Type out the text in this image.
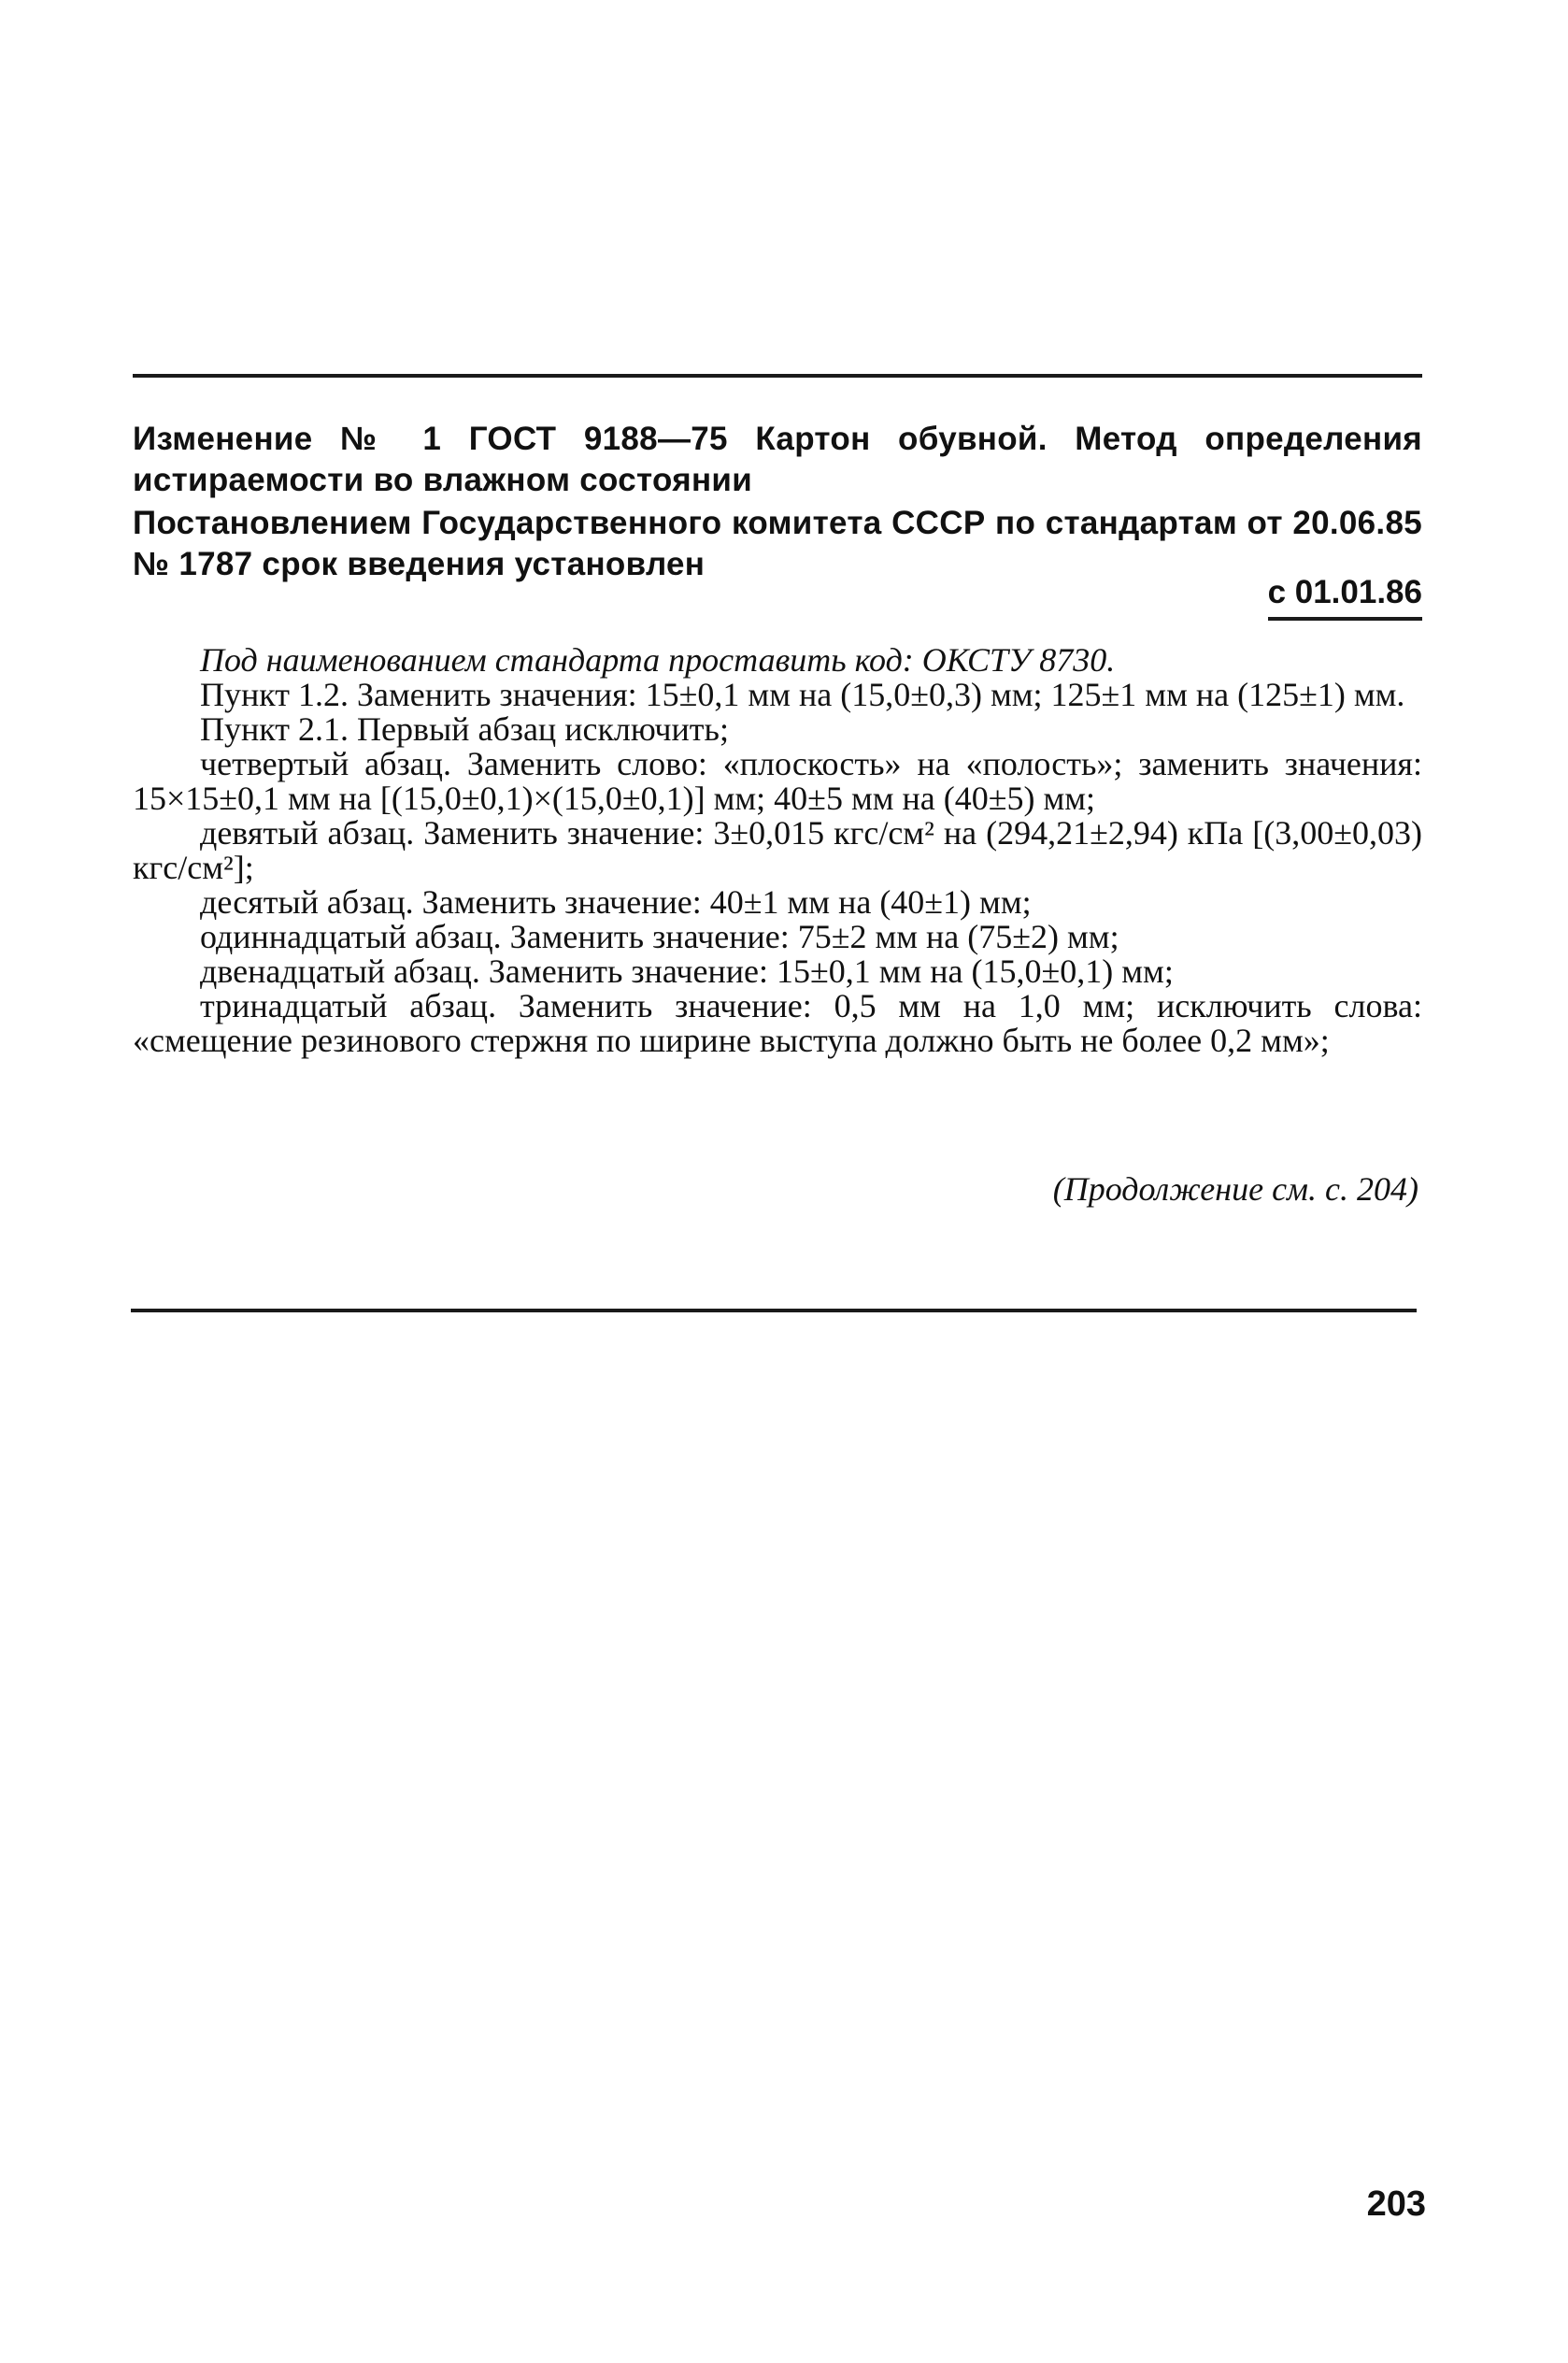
Изменение № 1 ГОСТ 9188—75 Картон обувной. Метод определения истираемости во влажном состоянии
Постановлением Государственного комитета СССР по стандартам от 20.06.85 № 1787 срок введения установлен
с 01.01.86

Под наименованием стандарта проставить код: ОКСТУ 8730.

Пункт 1.2. Заменить значения: 15±0,1 мм на (15,0±0,3) мм; 125±1 мм на (125±1) мм.

Пункт 2.1. Первый абзац исключить;

четвертый абзац. Заменить слово: «плоскость» на «полость»; заменить значения: 15×15±0,1 мм на [(15,0±0,1)×(15,0±0,1)] мм; 40±5 мм на (40±5) мм;

девятый абзац. Заменить значение: 3±0,015 кгс/см² на (294,21±2,94) кПа [(3,00±0,03) кгс/см²];

десятый абзац. Заменить значение: 40±1 мм на (40±1) мм;

одиннадцатый абзац. Заменить значение: 75±2 мм на (75±2) мм;

двенадцатый абзац. Заменить значение: 15±0,1 мм на (15,0±0,1) мм;

тринадцатый абзац. Заменить значение: 0,5 мм на 1,0 мм; исключить слова: «смещение резинового стержня по ширине выступа должно быть не более 0,2 мм»;

(Продолжение см. с. 204)
203
